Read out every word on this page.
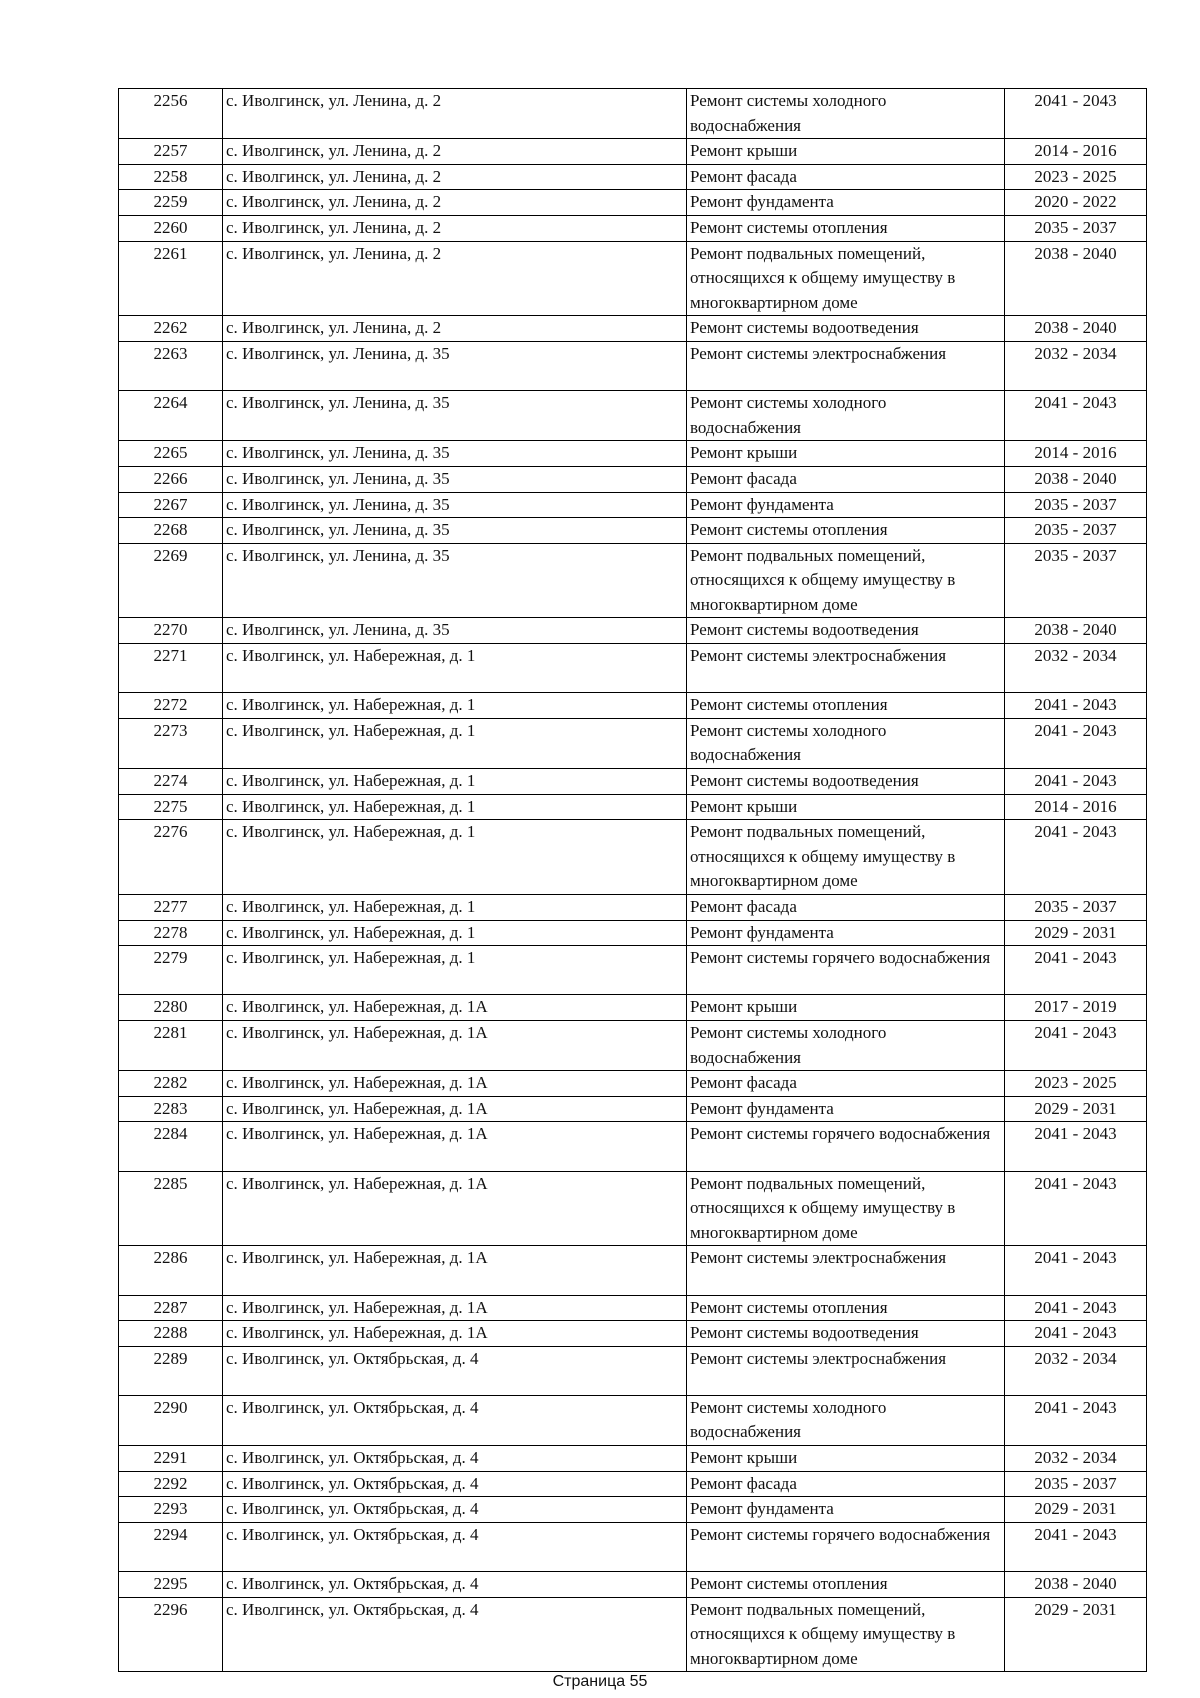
2256	с. Иволгинск, ул. Ленина, д. 2	Ремонт системы холодного водоснабжения	2041 - 2043
2257	с. Иволгинск, ул. Ленина, д. 2	Ремонт крыши	2014 - 2016
2258	с. Иволгинск, ул. Ленина, д. 2	Ремонт фасада	2023 - 2025
2259	с. Иволгинск, ул. Ленина, д. 2	Ремонт фундамента	2020 - 2022
2260	с. Иволгинск, ул. Ленина, д. 2	Ремонт системы отопления	2035 - 2037
2261	с. Иволгинск, ул. Ленина, д. 2	Ремонт подвальных помещений, относящихся к общему имуществу в многоквартирном доме	2038 - 2040
2262	с. Иволгинск, ул. Ленина, д. 2	Ремонт системы водоотведения	2038 - 2040
2263	с. Иволгинск, ул. Ленина, д. 35	Ремонт системы электроснабжения	2032 - 2034
2264	с. Иволгинск, ул. Ленина, д. 35	Ремонт системы холодного водоснабжения	2041 - 2043
2265	с. Иволгинск, ул. Ленина, д. 35	Ремонт крыши	2014 - 2016
2266	с. Иволгинск, ул. Ленина, д. 35	Ремонт фасада	2038 - 2040
2267	с. Иволгинск, ул. Ленина, д. 35	Ремонт фундамента	2035 - 2037
2268	с. Иволгинск, ул. Ленина, д. 35	Ремонт системы отопления	2035 - 2037
2269	с. Иволгинск, ул. Ленина, д. 35	Ремонт подвальных помещений, относящихся к общему имуществу в многоквартирном доме	2035 - 2037
2270	с. Иволгинск, ул. Ленина, д. 35	Ремонт системы водоотведения	2038 - 2040
2271	с. Иволгинск, ул. Набережная, д. 1	Ремонт системы электроснабжения	2032 - 2034
2272	с. Иволгинск, ул. Набережная, д. 1	Ремонт системы отопления	2041 - 2043
2273	с. Иволгинск, ул. Набережная, д. 1	Ремонт системы холодного водоснабжения	2041 - 2043
2274	с. Иволгинск, ул. Набережная, д. 1	Ремонт системы водоотведения	2041 - 2043
2275	с. Иволгинск, ул. Набережная, д. 1	Ремонт крыши	2014 - 2016
2276	с. Иволгинск, ул. Набережная, д. 1	Ремонт подвальных помещений, относящихся к общему имуществу в многоквартирном доме	2041 - 2043
2277	с. Иволгинск, ул. Набережная, д. 1	Ремонт фасада	2035 - 2037
2278	с. Иволгинск, ул. Набережная, д. 1	Ремонт фундамента	2029 - 2031
2279	с. Иволгинск, ул. Набережная, д. 1	Ремонт системы горячего водоснабжения	2041 - 2043
2280	с. Иволгинск, ул. Набережная, д. 1А	Ремонт крыши	2017 - 2019
2281	с. Иволгинск, ул. Набережная, д. 1А	Ремонт системы холодного водоснабжения	2041 - 2043
2282	с. Иволгинск, ул. Набережная, д. 1А	Ремонт фасада	2023 - 2025
2283	с. Иволгинск, ул. Набережная, д. 1А	Ремонт фундамента	2029 - 2031
2284	с. Иволгинск, ул. Набережная, д. 1А	Ремонт системы горячего водоснабжения	2041 - 2043
2285	с. Иволгинск, ул. Набережная, д. 1А	Ремонт подвальных помещений, относящихся к общему имуществу в многоквартирном доме	2041 - 2043
2286	с. Иволгинск, ул. Набережная, д. 1А	Ремонт системы электроснабжения	2041 - 2043
2287	с. Иволгинск, ул. Набережная, д. 1А	Ремонт системы отопления	2041 - 2043
2288	с. Иволгинск, ул. Набережная, д. 1А	Ремонт системы водоотведения	2041 - 2043
2289	с. Иволгинск, ул. Октябрьская, д. 4	Ремонт системы электроснабжения	2032 - 2034
2290	с. Иволгинск, ул. Октябрьская, д. 4	Ремонт системы холодного водоснабжения	2041 - 2043
2291	с. Иволгинск, ул. Октябрьская, д. 4	Ремонт крыши	2032 - 2034
2292	с. Иволгинск, ул. Октябрьская, д. 4	Ремонт фасада	2035 - 2037
2293	с. Иволгинск, ул. Октябрьская, д. 4	Ремонт фундамента	2029 - 2031
2294	с. Иволгинск, ул. Октябрьская, д. 4	Ремонт системы горячего водоснабжения	2041 - 2043
2295	с. Иволгинск, ул. Октябрьская, д. 4	Ремонт системы отопления	2038 - 2040
2296	с. Иволгинск, ул. Октябрьская, д. 4	Ремонт подвальных помещений, относящихся к общему имуществу в многоквартирном доме	2029 - 2031
Страница 55
